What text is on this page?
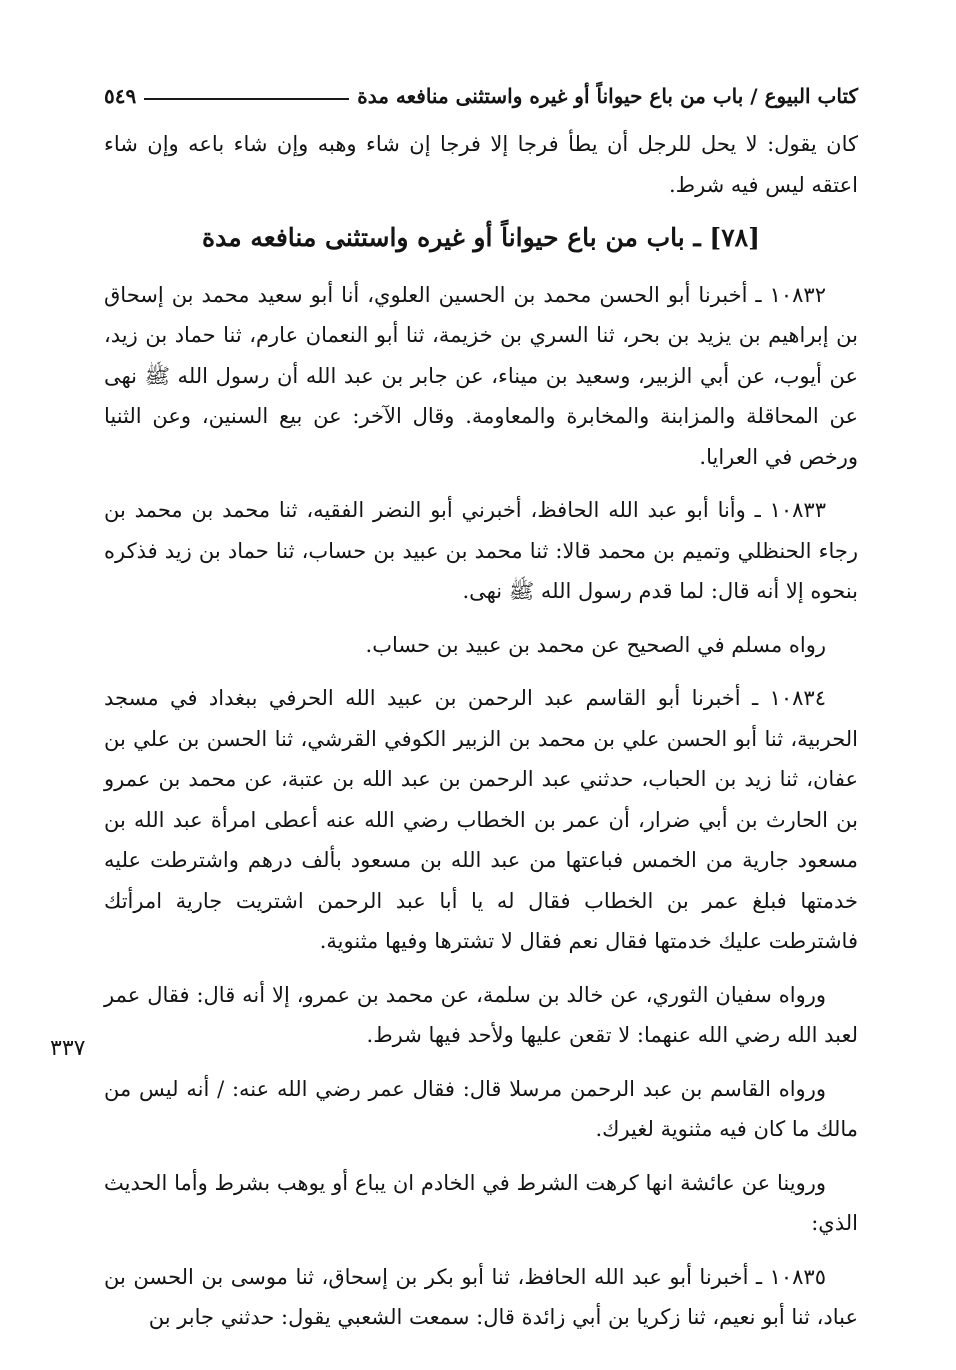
كتاب البيوع / باب من باع حيواناً أو غيره واستثنى منافعه مدة
٥٤٩
٣٣٧

كان يقول: لا يحل للرجل أن يطأ فرجا إلا فرجا إن شاء وهبه وإن شاء باعه وإن شاء اعتقه ليس فيه شرط.

[٧٨] ـ باب من باع حيواناً أو غيره واستثنى منافعه مدة

١٠٨٣٢ ـ أخبرنا أبو الحسن محمد بن الحسين العلوي، أنا أبو سعيد محمد بن إسحاق بن إبراهيم بن يزيد بن بحر، ثنا السري بن خزيمة، ثنا أبو النعمان عارم، ثنا حماد بن زيد، عن أيوب، عن أبي الزبير، وسعيد بن ميناء، عن جابر بن عبد الله أن رسول الله ﷺ نهى عن المحاقلة والمزابنة والمخابرة والمعاومة. وقال الآخر: عن بيع السنين، وعن الثنيا ورخص في العرايا.

١٠٨٣٣ ـ وأنا أبو عبد الله الحافظ، أخبرني أبو النضر الفقيه، ثنا محمد بن محمد بن رجاء الحنظلي وتميم بن محمد قالا: ثنا محمد بن عبيد بن حساب، ثنا حماد بن زيد فذكره بنحوه إلا أنه قال: لما قدم رسول الله ﷺ نهى.

رواه مسلم في الصحيح عن محمد بن عبيد بن حساب.

١٠٨٣٤ ـ أخبرنا أبو القاسم عبد الرحمن بن عبيد الله الحرفي ببغداد في مسجد الحربية، ثنا أبو الحسن علي بن محمد بن الزبير الكوفي القرشي، ثنا الحسن بن علي بن عفان، ثنا زيد بن الحباب، حدثني عبد الرحمن بن عبد الله بن عتبة، عن محمد بن عمرو بن الحارث بن أبي ضرار، أن عمر بن الخطاب رضي الله عنه أعطى امرأة عبد الله بن مسعود جارية من الخمس فباعتها من عبد الله بن مسعود بألف درهم واشترطت عليه خدمتها فبلغ عمر بن الخطاب فقال له يا أبا عبد الرحمن اشتريت جارية امرأتك فاشترطت عليك خدمتها فقال نعم فقال لا تشترها وفيها مثنوية.

ورواه سفيان الثوري، عن خالد بن سلمة، عن محمد بن عمرو، إلا أنه قال: فقال عمر لعبد الله رضي الله عنهما: لا تقعن عليها ولأحد فيها شرط.

ورواه القاسم بن عبد الرحمن مرسلا قال: فقال عمر رضي الله عنه: / أنه ليس من مالك ما كان فيه مثنوية لغيرك.

وروينا عن عائشة انها كرهت الشرط في الخادم ان يباع أو يوهب بشرط وأما الحديث الذي:

١٠٨٣٥ ـ أخبرنا أبو عبد الله الحافظ، ثنا أبو بكر بن إسحاق، ثنا موسى بن الحسن بن عباد، ثنا أبو نعيم، ثنا زكريا بن أبي زائدة قال: سمعت الشعبي يقول: حدثني جابر بن
